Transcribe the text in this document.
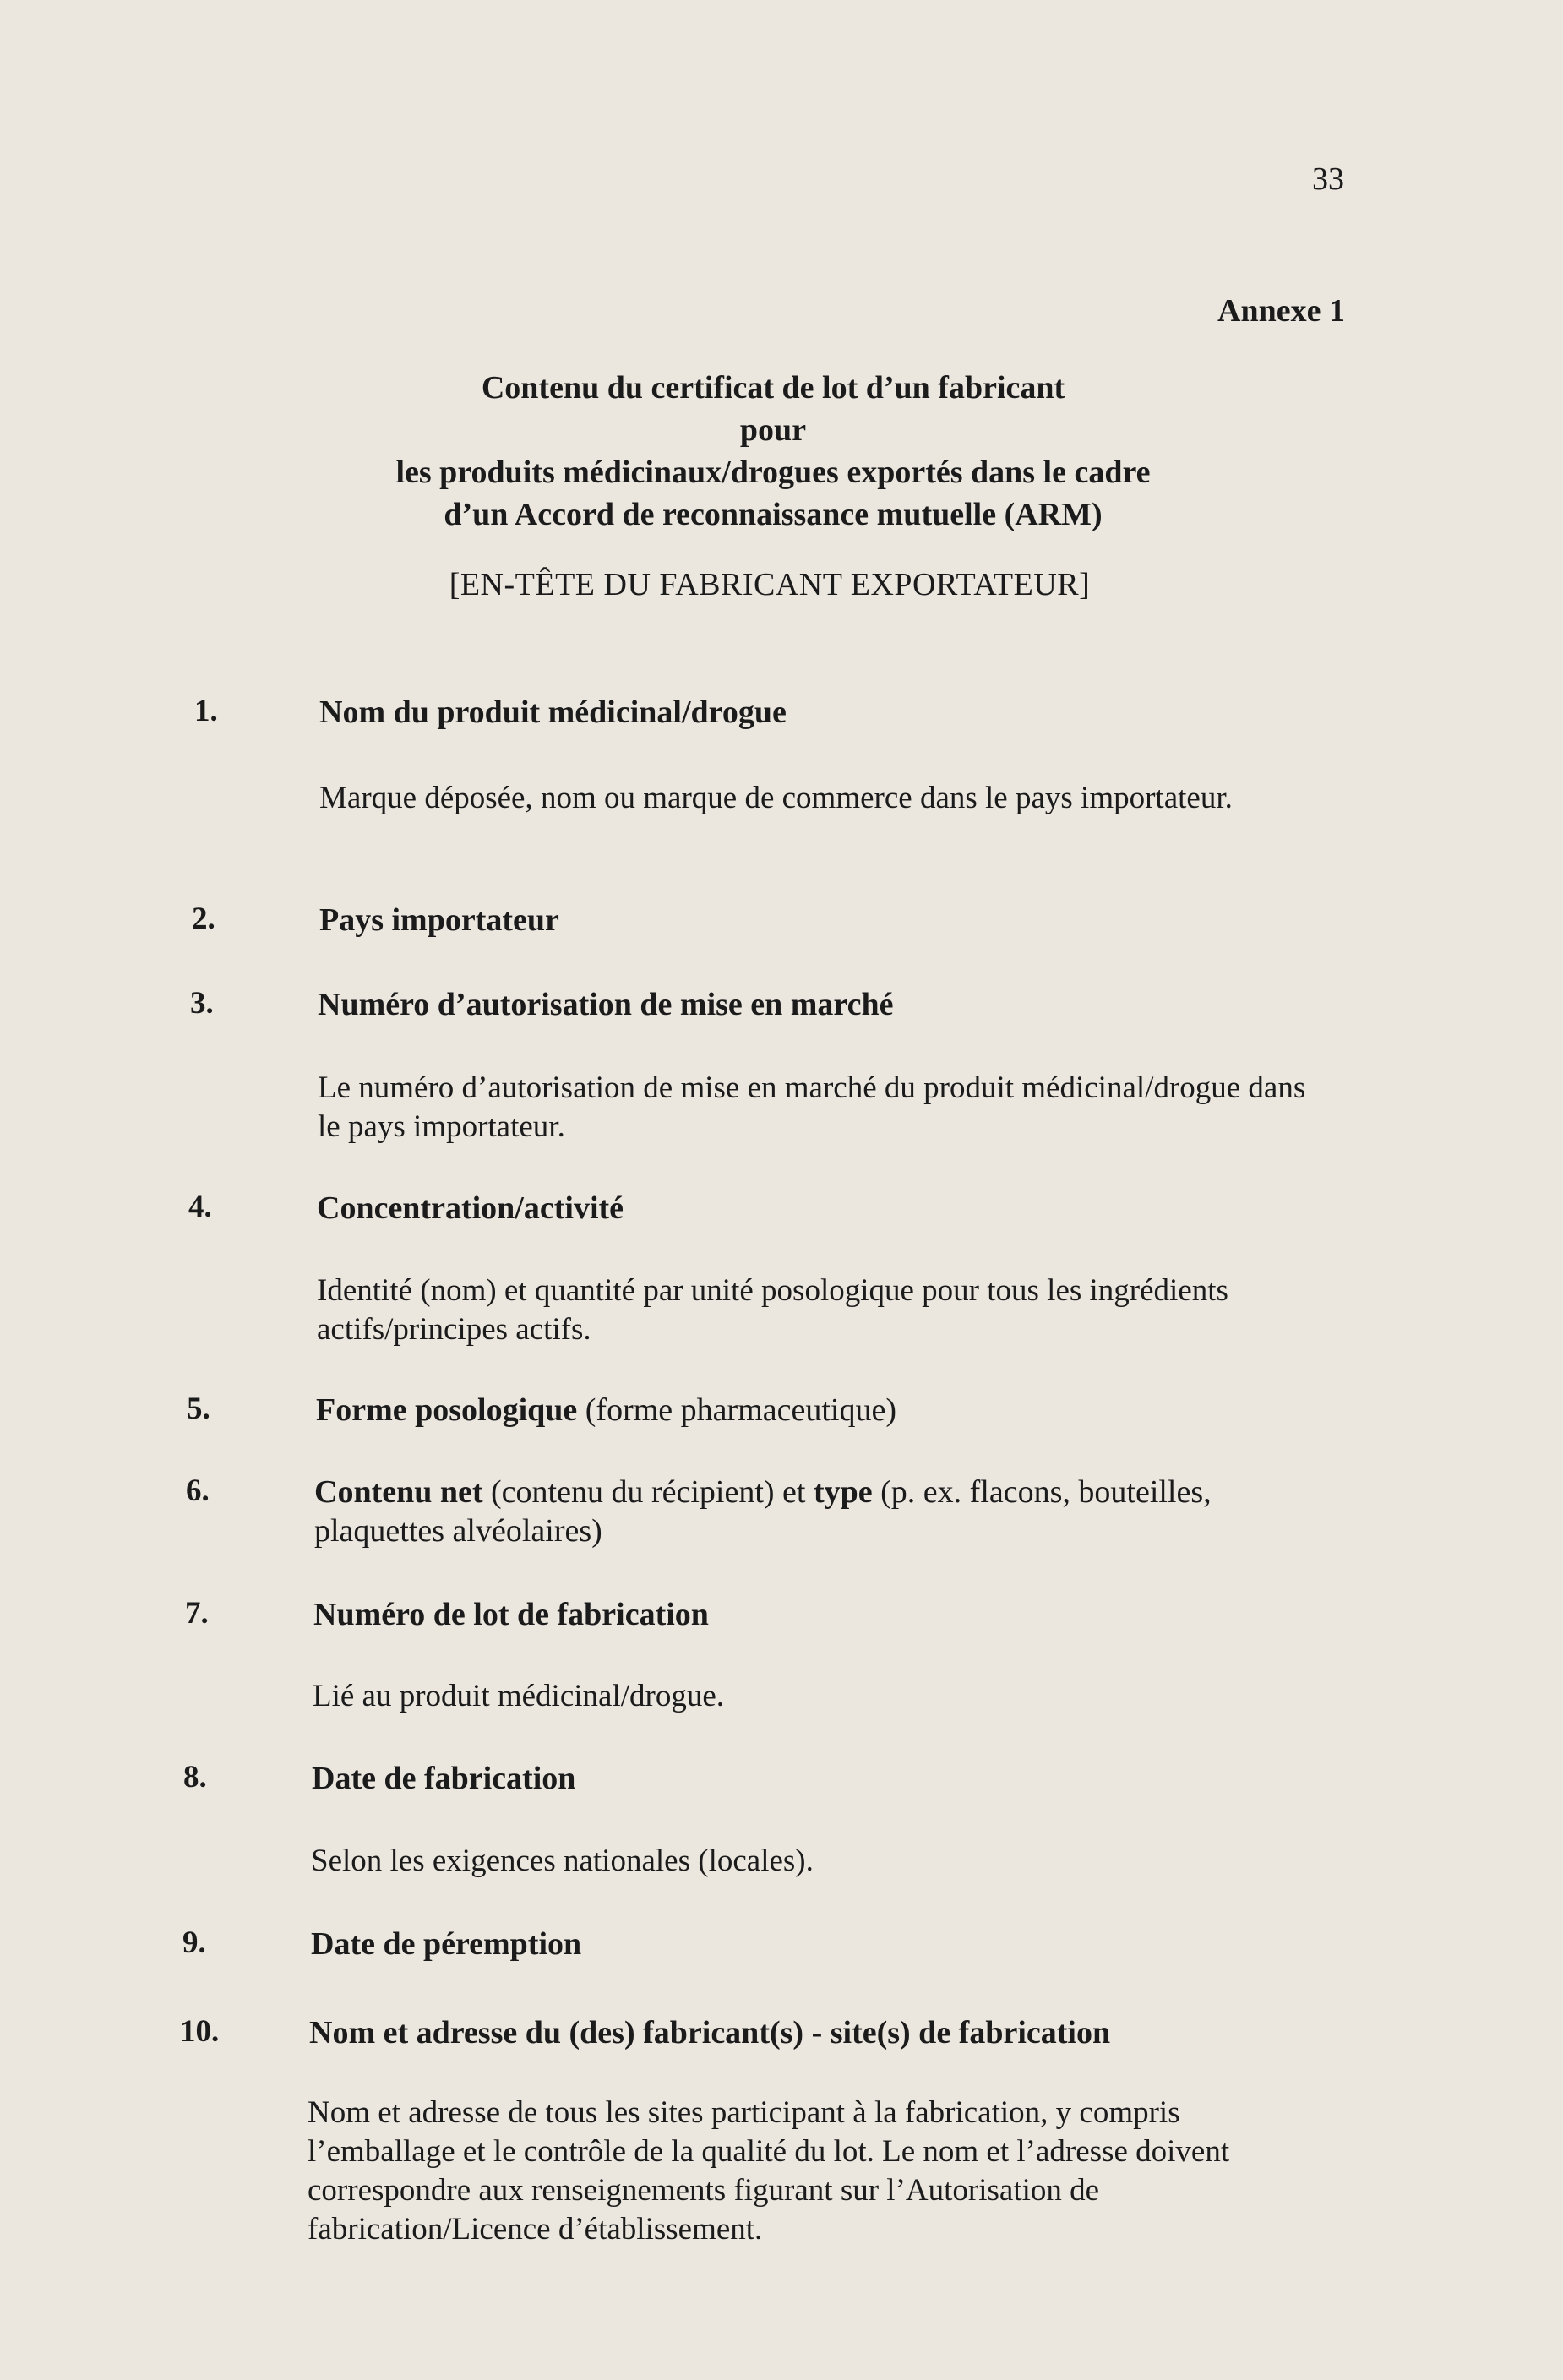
33
Annexe 1
Contenu du certificat de lot d’un fabricant
pour
les produits médicinaux/drogues exportés dans le cadre
d’un Accord de reconnaissance mutuelle (ARM)
[EN-TÊTE DU FABRICANT EXPORTATEUR]
1.	Nom du produit médicinal/drogue
Marque déposée, nom ou marque de commerce dans le pays importateur.
2.	Pays importateur
3.	Numéro d’autorisation de mise en marché
Le numéro d’autorisation de mise en marché du produit médicinal/drogue dans le pays importateur.
4.	Concentration/activité
Identité (nom) et quantité par unité posologique pour tous les ingrédients actifs/principes actifs.
5.	Forme posologique (forme pharmaceutique)
6.	Contenu net (contenu du récipient) et type (p. ex. flacons, bouteilles, plaquettes alvéolaires)
7.	Numéro de lot de fabrication
Lié au produit médicinal/drogue.
8.	Date de fabrication
Selon les exigences nationales (locales).
9.	Date de péremption
10.	Nom et adresse du (des) fabricant(s) - site(s) de fabrication
Nom et adresse de tous les sites participant à la fabrication, y compris l’emballage et le contrôle de la qualité du lot. Le nom et l’adresse doivent correspondre aux renseignements figurant sur l’Autorisation de fabrication/Licence d’établissement.
